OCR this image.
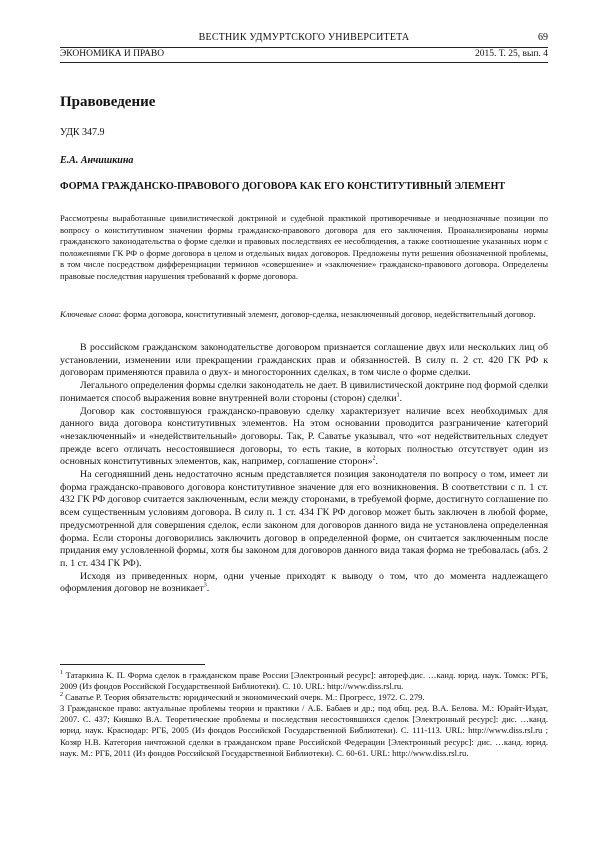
ВЕСТНИК УДМУРТСКОГО УНИВЕРСИТЕТА	69
ЭКОНОМИКА И ПРАВО	2015. Т. 25, вып. 4
Правоведение
УДК 347.9
Е.А. Анчишкина
ФОРМА ГРАЖДАНСКО-ПРАВОВОГО ДОГОВОРА КАК ЕГО КОНСТИТУТИВНЫЙ ЭЛЕМЕНТ

Рассмотрены выработанные цивилистической доктриной и судебной практикой противоречивые и неоднозначные позиции по вопросу о конститутивном значении формы гражданско-правового договора для его заключения. Проанализированы нормы гражданского законодательства о форме сделки и правовых последствиях ее несоблюдения, а также соотношение указанных норм с положениями ГК РФ о форме договора в целом и отдельных видах договоров. Предложены пути решения обозначенной проблемы, в том числе посредством дифференциации терминов «совершение» и «заключение» гражданско-правового договора. Определены правовые последствия нарушения требований к форме договора.

Ключевые слова: форма договора, конститутивный элемент, договор-сделка, незаключенный договор, недействительный договор.

В российском гражданском законодательстве договором признается соглашение двух или нескольких лиц об установлении, изменении или прекращении гражданских прав и обязанностей. В силу п. 2 ст. 420 ГК РФ к договорам применяются правила о двух- и многосторонних сделках, в том числе о форме сделки.

Легального определения формы сделки законодатель не дает. В цивилистической доктрине под формой сделки понимается способ выражения вовне внутренней воли стороны (сторон) сделки$^1$.

Договор как состоявшуюся гражданско-правовую сделку характеризует наличие всех необходимых для данного вида договора конститутивных элементов. На этом основании проводится разграничение категорий «незаключенный» и «недействительный» договоры. Так, Р. Саватье указывал, что «от недействительных следует прежде всего отличать несостоявшиеся договоры, то есть такие, в которых полностью отсутствует один из основных конститутивных элементов, как, например, соглашение сторон»$^2$.

На сегодняшний день недостаточно ясным представляется позиция законодателя по вопросу о том, имеет ли форма гражданско-правового договора конститутивное значение для его возникновения. В соответствии с п. 1 ст. 432 ГК РФ договор считается заключенным, если между сторонами, в требуемой форме, достигнуто соглашение по всем существенным условиям договора. В силу п. 1 ст. 434 ГК РФ договор может быть заключен в любой форме, предусмотренной для совершения сделок, если законом для договоров данного вида не установлена определенная форма. Если стороны договорились заключить договор в определенной форме, он считается заключенным после придания ему условленной формы, хотя бы законом для договоров данного вида такая форма не требовалась (абз. 2 п. 1 ст. 434 ГК РФ).

Исходя из приведенных норм, одни ученые приходят к выводу о том, что до момента надлежащего оформления договор не возникает$^3$.

$^1$ Татаркина К. П. Форма сделок в гражданском праве России [Электронный ресурс]: автореф.дис. …канд. юрид. наук. Томск: РГБ, 2009 (Из фондов Российской Государственной Библиотеки). С. 10. URL: http://www.diss.rsl.ru.

$^2$ Саватье Р. Теория обязательств: юридический и экономический очерк. М.: Прогресс, 1972. С. 279.

3 Гражданское право: актуальные проблемы теории и практики / А.Б. Бабаев и др.; под общ. ред. В.А. Белова. М.: Юрайт-Издат, 2007. С. 437; Кияшко В.А. Теоретические проблемы и последствия несостоявшихся сделок [Электронный ресурс]: дис. …канд. юрид. наук. Краснодар: РГБ, 2005 (Из фондов Российской Государственной Библиотеки). С. 111-113. URL: http://www.diss.rsl.ru ; Козяр Н.В. Категория ничтожной сделки в гражданском праве Российской Федерации [Электронный ресурс]: дис. …канд. юрид. наук. М.: РГБ, 2011 (Из фондов Российской Государственной Библиотеки). С. 60-61. URL: http://www.diss.rsl.ru.
